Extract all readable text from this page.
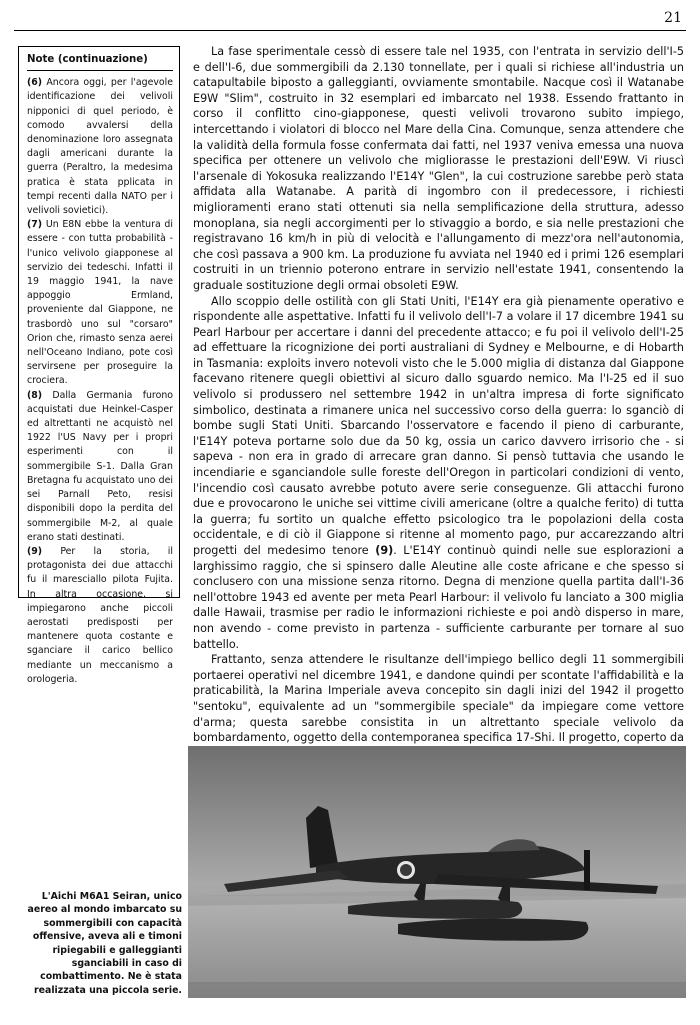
21
Note (continuazione)

(6) Ancora oggi, per l'agevole identificazione dei velivoli nipponici di quel periodo, è comodo avvalersi della denominazione loro assegnata dagli americani durante la guerra (Peraltro, la medesima pratica è stata pplicata in tempi recenti dalla NATO per i velivoli sovietici).

(7) Un E8N ebbe la ventura di essere - con tutta probabilità - l'unico velivolo giapponese al servizio dei tedeschi. Infatti il 19 maggio 1941, la nave appoggio Ermland, proveniente dal Giappone, ne trasbordò uno sul "corsaro" Orion che, rimasto senza aerei nell'Oceano Indiano, pote così servirsene per proseguire la crociera.

(8) Dalla Germania furono acquistati due Heinkel-Casper ed altrettanti ne acquistò nel 1922 l'US Navy per i propri esperimenti con il sommergibile S-1. Dalla Gran Bretagna fu acquistato uno dei sei Parnall Peto, resisi disponibili dopo la perdita del sommergibile M-2, al quale erano stati destinati.

(9) Per la storia, il protagonista dei due attacchi fu il maresciallo pilota Fujita. In altra occasione, si impiegarono anche piccoli aerostati predisposti per mantenere quota costante e sganciare il carico bellico mediante un meccanismo a orologeria.

La fase sperimentale cessò di essere tale nel 1935, con l'entrata in servizio dell'I-5 e dell'I-6, due sommergibili da 2.130 tonnellate, per i quali si richiese all'industria un catapultabile biposto a galleggianti, ovviamente smontabile. Nacque così il Watanabe E9W "Slim", costruito in 32 esemplari ed imbarcato nel 1938. Essendo frattanto in corso il conflitto cino-giapponese, questi velivoli trovarono subito impiego, intercettando i violatori di blocco nel Mare della Cina. Comunque, senza attendere che la validità della formula fosse confermata dai fatti, nel 1937 veniva emessa una nuova specifica per ottenere un velivolo che migliorasse le prestazioni dell'E9W. Vi riuscì l'arsenale di Yokosuka realizzando l'E14Y "Glen", la cui costruzione sarebbe però stata affidata alla Watanabe. A parità di ingombro con il predecessore, i richiesti miglioramenti erano stati ottenuti sia nella semplificazione della struttura, adesso monoplana, sia negli accorgimenti per lo stivaggio a bordo, e sia nelle prestazioni che registravano 16 km/h in più di velocità e l'allungamento di mezz'ora nell'autonomia, che così passava a 900 km. La produzione fu avviata nel 1940 ed i primi 126 esemplari costruiti in un triennio poterono entrare in servizio nell'estate 1941, consentendo la graduale sostituzione degli ormai obsoleti E9W.

Allo scoppio delle ostilità con gli Stati Uniti, l'E14Y era già pienamente operativo e rispondente alle aspettative. Infatti fu il velivolo dell'I-7 a volare il 17 dicembre 1941 su Pearl Harbour per accertare i danni del precedente attacco; e fu poi il velivolo dell'I-25 ad effettuare la ricognizione dei porti australiani di Sydney e Melbourne, e di Hobarth in Tasmania: exploits invero notevoli visto che le 5.000 miglia di distanza dal Giappone facevano ritenere quegli obiettivi al sicuro dallo sguardo nemico. Ma l'I-25 ed il suo velivolo si produssero nel settembre 1942 in un'altra impresa di forte significato simbolico, destinata a rimanere unica nel successivo corso della guerra: lo sganciò di bombe sugli Stati Uniti. Sbarcando l'osservatore e facendo il pieno di carburante, l'E14Y poteva portarne solo due da 50 kg, ossia un carico davvero irrisorio che - si sapeva - non era in grado di arrecare gran danno. Si pensò tuttavia che usando le incendiarie e sganciandole sulle foreste dell'Oregon in particolari condizioni di vento, l'incendio così causato avrebbe potuto avere serie conseguenze. Gli attacchi furono due e provocarono le uniche sei vittime civili americane (oltre a qualche ferito) di tutta la guerra; fu sortito un qualche effetto psicologico tra le popolazioni della costa occidentale, e di ciò il Giappone si ritenne al momento pago, pur accarezzando altri progetti del medesimo tenore (9). L'E14Y continuò quindi nelle sue esplorazioni a larghissimo raggio, che si spinsero dalle Aleutine alle coste africane e che spesso si conclusero con una missione senza ritorno. Degna di menzione quella partita dall'I-36 nell'ottobre 1943 ed avente per meta Pearl Harbour: il velivolo fu lanciato a 300 miglia dalle Hawaii, trasmise per radio le informazioni richieste e poi andò disperso in mare, non avendo - come previsto in partenza - sufficiente carburante per tornare al suo battello.

Frattanto, senza attendere le risultanze dell'impiego bellico degli 11 sommergibili portaerei operativi nel dicembre 1941, e dandone quindi per scontate l'affidabilità e la praticabilità, la Marina Imperiale aveva concepito sin dagli inizi del 1942 il progetto "sentoku", equivalente ad un "sommergibile speciale" da impiegare come vettore d'arma; questa sarebbe consistita in un altrettanto speciale velivolo da bombardamento, oggetto della contemporanea specifica 17-Shi. Il progetto, coperto da

L'Aichi M6A1 Seiran, unico aereo al mondo imbarcato su sommergibili con capacità offensive, aveva ali e timoni ripiegabili e galleggianti sganciabili in caso di combattimento. Ne è stata realizzata una piccola serie.
